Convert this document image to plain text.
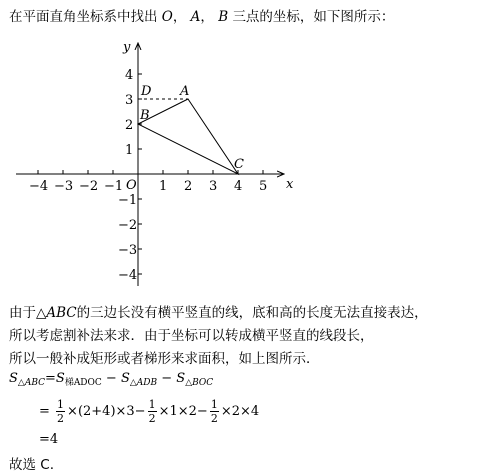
在平面直角坐标系中找出 O， A， B 三点的坐标，如下图所示：
−4 −3 −2 −1	1 2 3 4 5
4
3
2
1
−1
−2
−3
−4
x
y
O
A
B
C
D
由于△ABC的三边长没有横平竖直的线，底和高的长度无法直接表达，
所以考虑割补法来求．由于坐标可以转成横平竖直的线段长，
所以一般补成矩形或者梯形来求面积，如上图所示．
$S_{\triangle ABC}=S_{梯ADOC} - S_{\triangle ADB} - S_{\triangle BOC}$
= $\frac{1}{2} \times(2+4)\times 3- \frac{1}{2} \times 1\times 2- \frac{1}{2} \times 2\times 4$
=4
故选 C.
